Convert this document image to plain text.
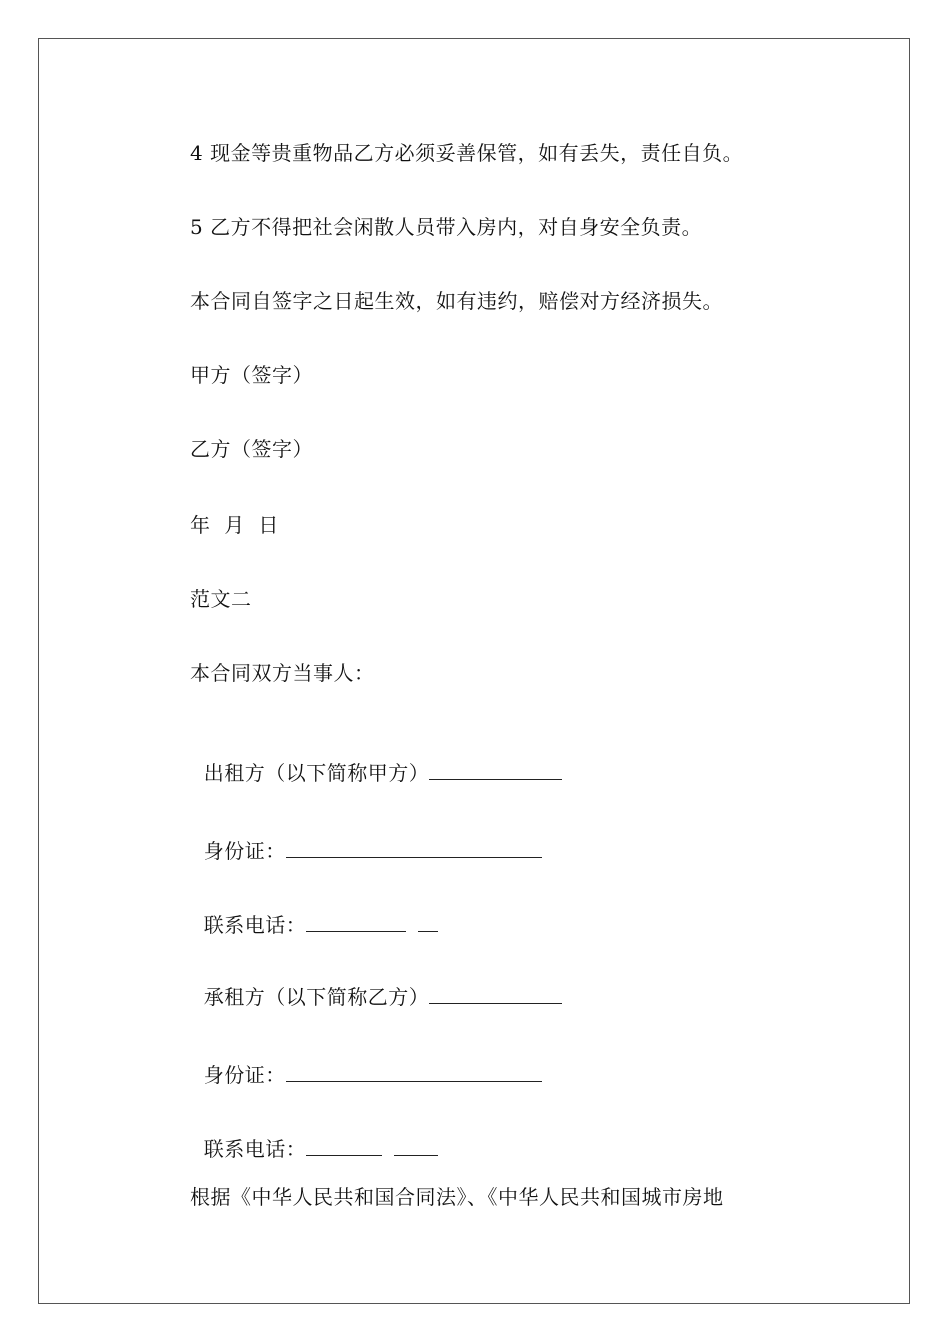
4 现金等贵重物品乙方必须妥善保管，如有丢失，责任自负。
5 乙方不得把社会闲散人员带入房内，对自身安全负责。
本合同自签字之日起生效，如有违约，赔偿对方经济损失。
甲方（签字）
乙方（签字）
年  月  日
范文二
本合同双方当事人：

出租方（以下简称甲方）

身份证：

联系电话：

承租方（以下简称乙方）

身份证：

联系电话：

根据《中华人民共和国合同法》、《中华人民共和国城市房地
